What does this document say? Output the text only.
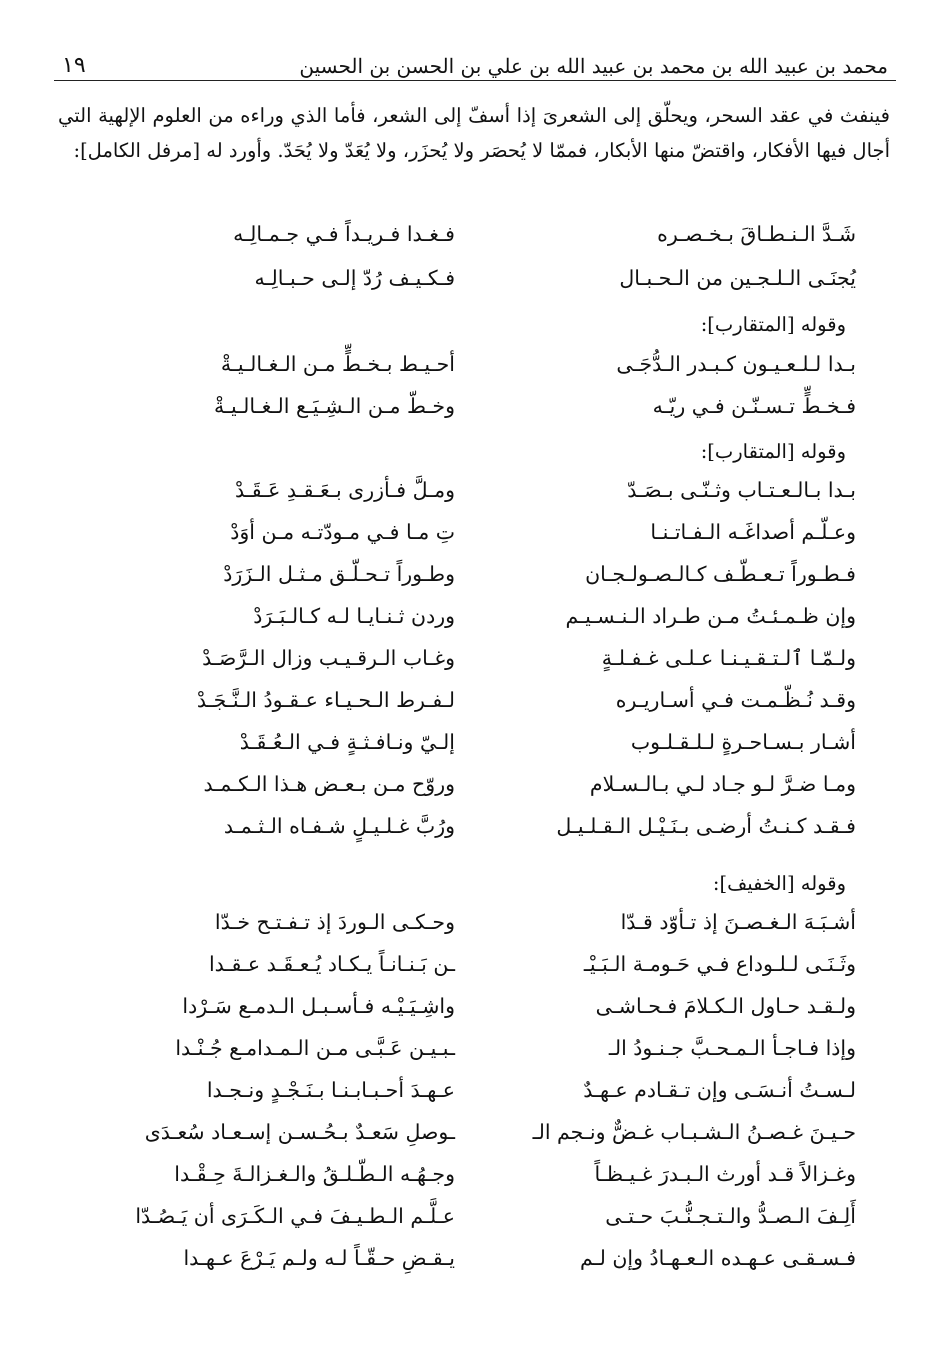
محمد بن عبيد الله بن محمد بن عبيد الله بن علي بن الحسن بن الحسين
١٩

فينفث في عقد السحر، ويحلّق إلى الشعرىَ إذا أسفّ إلى الشعر، فأما الذي وراءه من العلوم الإلهية التي أجال فيها الأفكار، واقتضّ منها الأبكار، فممّا لا يُحصَر ولا يُحزَر، ولا يُعَدّ ولا يُحَدّ. وأورد له [مرفل الكامل]:

شَـدَّ الـنـطـاقَ بـخـصـره
فـغـدا فـريـداً فـي جـمـالِـه
يُجنَـى الـلـجـين من الـحـبـال
فـكـيـف رُدّ إلـى حـبـالِـه
وقوله [المتقارب]:
بـدا لـلـعـيـون كـبـدر الـدُّجَـى
أحـيـط بـخـطٍّ مـن الـغـالـيـةْ
فـخـطٍّ تـسـنّـن فـي ريّـه
وخـطّ مـن الـشِـيَـع الـغـالـيـةْ
وقوله [المتقارب]:
بـدا بـالـعـتـاب وثـنّـى بـصَـدّ
ومـلَّ فـأزرى بـعَـقـدِ عَـقَـدْ
وعـلّـم أصداغَـه الـفـاتـنـا
تِ مـا فـي مـودّتـه مـن أوَدْ
فـطـوراً تـعـطّـف كـالـصـولـجـان
وطـوراً تـحـلّـق مـثـل الـزَرَدْ
وإن ظـمـئـتُ مـن طـراد الـنـسـيـم
وردن ثـنـايـا لـه كـالـبَـرَدْ
ولـمّـا ٱلـتـقـيـنـا عـلـى غـفـلـةٍ
وغـاب الـرقـيـب وزال الـرَّصَـدْ
وقـد نُـظّـمـت فـي أسـاريـره
لـفـرط الـحـيـاء عـقـودُ الـنَّـجَـدْ
أشـار بـسـاحـرةٍ لـلـقـلـوب
إلـيّ ونـافـثـةٍ فـي الـعُـقَـدْ
ومـا ضـرَّ لـو جـاد لـي بـالـسـلام
وروّح مـن بـعـض هـذا الـكـمـد
فـقـد كـنـتُ أرضـى بـنَـيْـل الـقـلـيـل
ورُبَّ غـلـيـلٍ شـفـاه الـثـمـد
وقوله [الخفيف]:
أشـبَـهَ الـغـصـنَ إذ تـأوّد قـدّا
وحـكـى الـوردَ إذ تـفـتـح خـدّا
وثَـنَـى لـلـوداع فـي حَـومـة الـبَـيْـ
ـن بَـنـانـاً يـكـاد يُـعـقَـد عـقـدا
ولـقـد حـاول الـكـلامَ فـحـاشـى
واشِـيَـيْـه فـأسـبـل الـدمـع سَـرْدا
وإذا فـاجـأ الـمـحـبَّ جـنـودُ الـ
ـبـيـن عَـبَّـى مـن الـمـدامـع جُـنْـدا
لـسـتُ أنـسَـى وإن تـقـادم عـهـدٌ
عـهـدَ أحـبـابـنـا بـنَـجْـدٍ ونـجـدا
حـيـنَ غـصـنُ الـشـبـاب غـضٌّ ونـجم الـ
ـوصلِ سَعـدٌ بـحُـسـن إسـعـاد سُعـدَى
وغـزالاً قـد أورث الـبـدرَ غـيـظـاً
وجـهُـه الـطّـلـقُ والـغـزالـةَ حِـقْـدا
أَلِـفَ الـصـدُّ والـتـجـنُّـبَ حـتـى
عـلَّـم الـطـيـفَ فـي الـكَـرَى أن يَـصُـدّا
فـسـقـى عـهـده الـعـهـادُ وإن لـم
يـقـضِ حـقّـاً لـه ولـم يَـرْعَ عـهـدا
